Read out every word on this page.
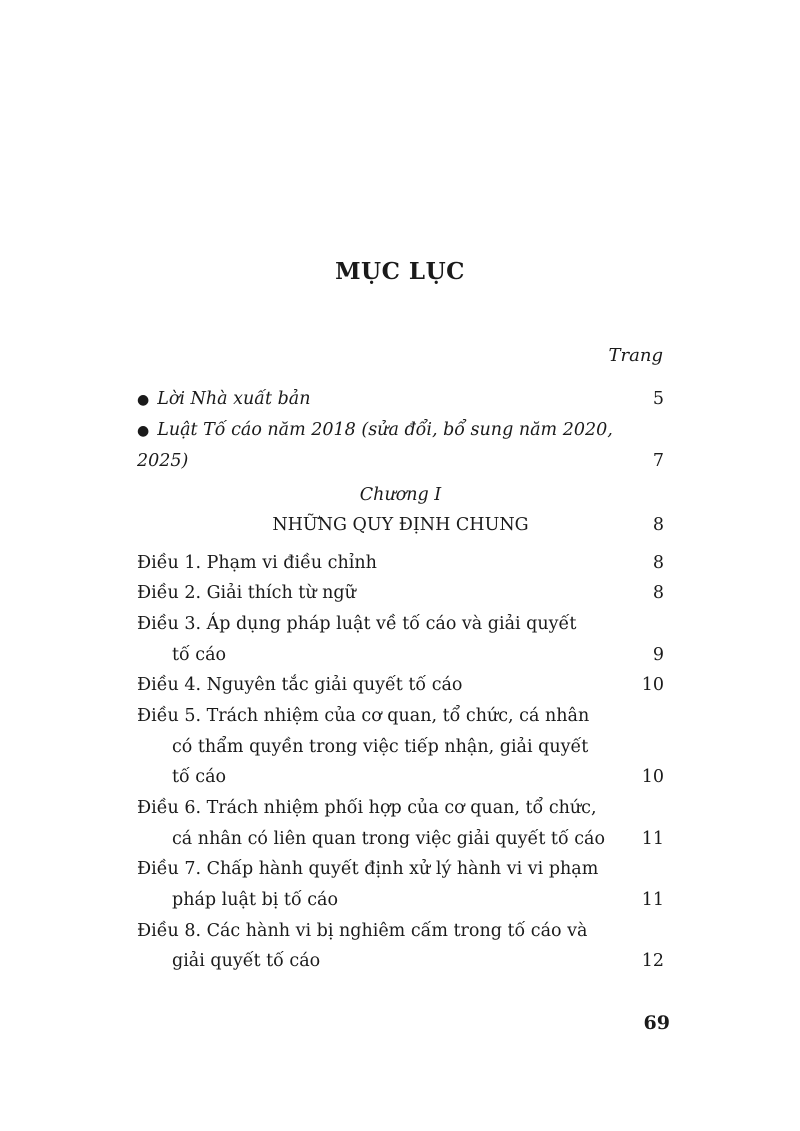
MỤC LỤC
Trang
● Lời Nhà xuất bản	5
● Luật Tố cáo năm 2018 (sửa đổi, bổ sung năm 2020,
2025)	7
Chương I
NHỮNG QUY ĐỊNH CHUNG	8
Điều 1. Phạm vi điều chỉnh	8
Điều 2. Giải thích từ ngữ	8
Điều 3. Áp dụng pháp luật về tố cáo và giải quyết
tố cáo	9
Điều 4. Nguyên tắc giải quyết tố cáo	10
Điều 5. Trách nhiệm của cơ quan, tổ chức, cá nhân
có thẩm quyền trong việc tiếp nhận, giải quyết
tố cáo	10
Điều 6. Trách nhiệm phối hợp của cơ quan, tổ chức,
cá nhân có liên quan trong việc giải quyết tố cáo 11
Điều 7. Chấp hành quyết định xử lý hành vi vi phạm
pháp luật bị tố cáo	11
Điều 8. Các hành vi bị nghiêm cấm trong tố cáo và
giải quyết tố cáo	12
69
